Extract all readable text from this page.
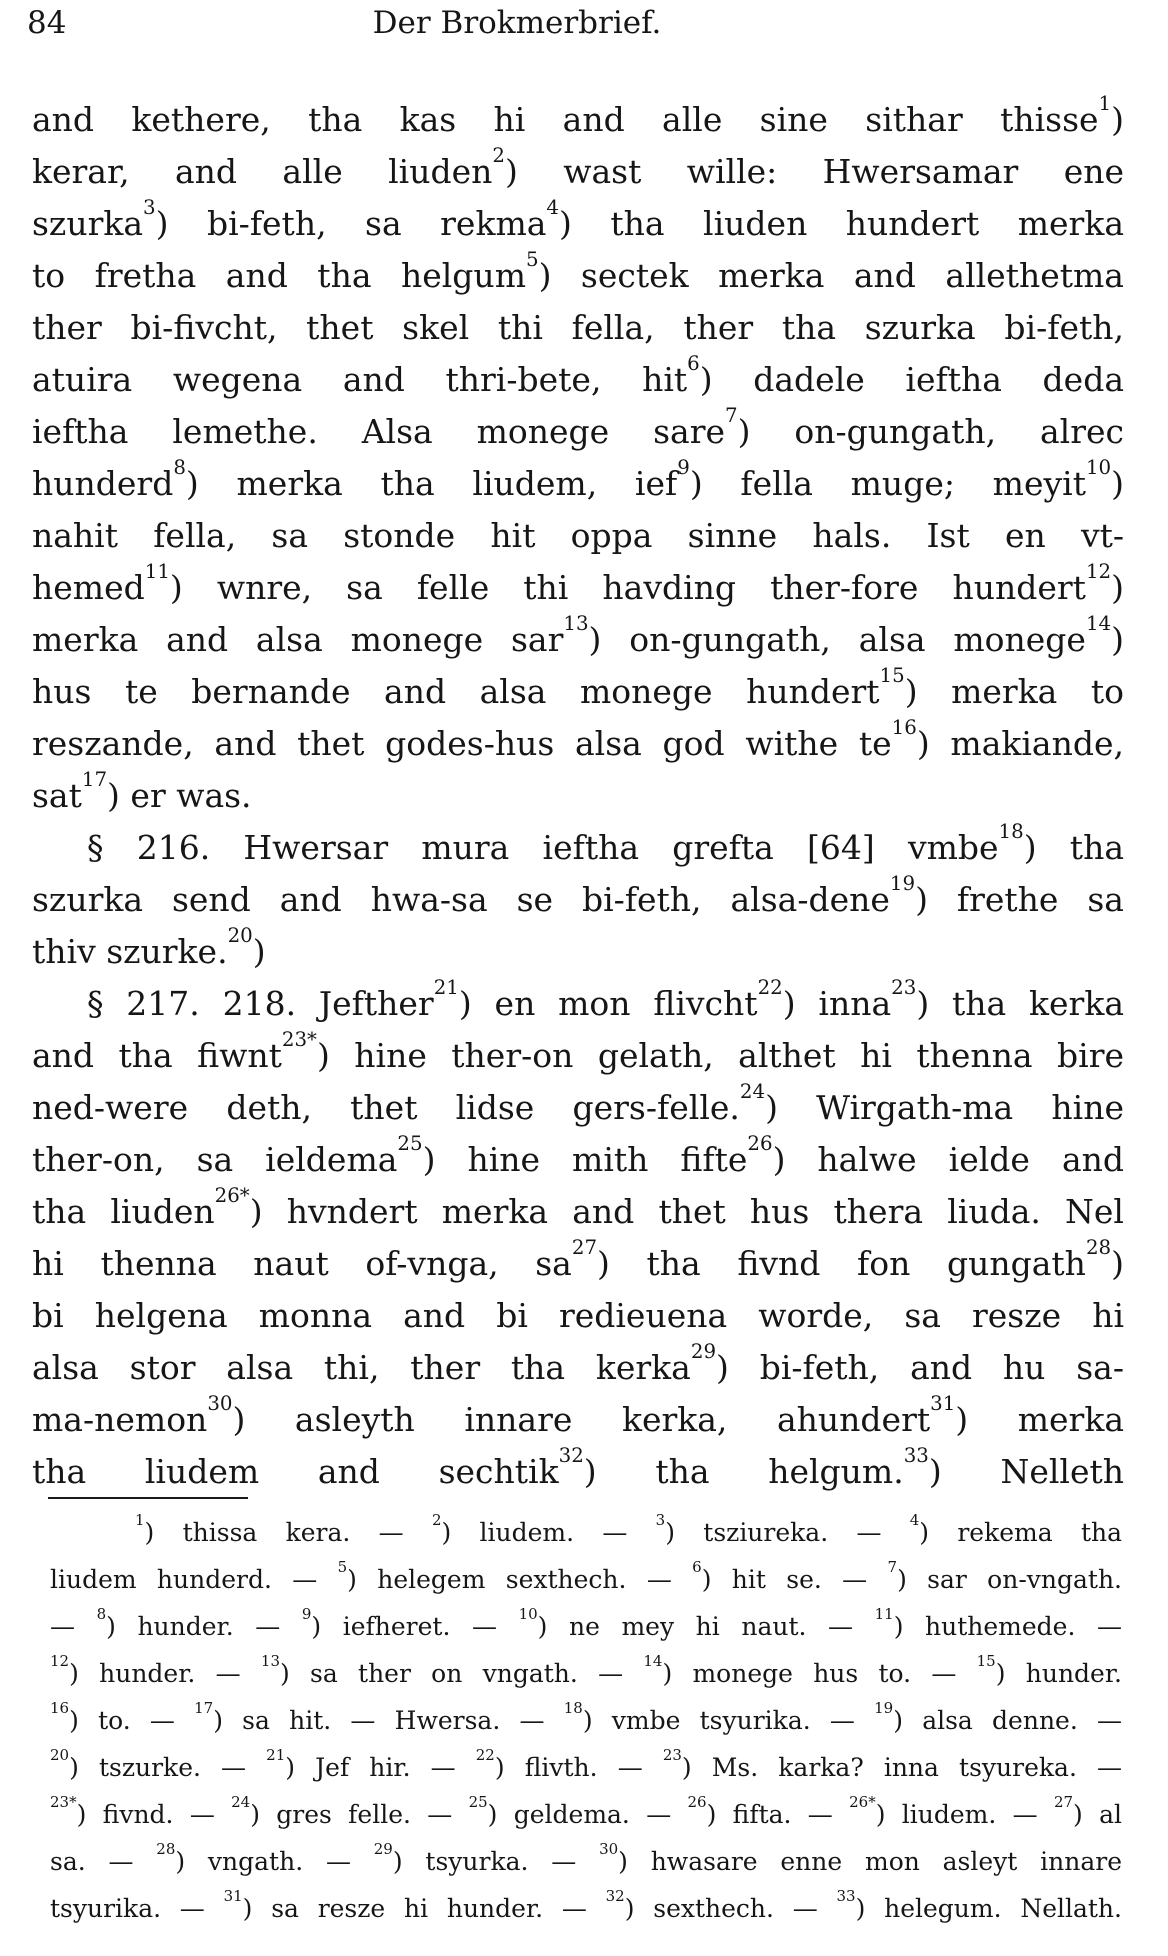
84	Der Brokmerbrief.
and kethere, tha kas hi and alle sine sithar thisse$^1$)
kerar, and alle liuden$^2$) wast wille: Hwersamar ene
szurka$^3$) bi-feth, sa rekma$^4$) tha liuden hundert merka
to fretha and tha helgum$^5$) sectek merka and allethetma
ther bi-fivcht, thet skel thi fella, ther tha szurka bi-feth,
atuira wegena and thri-bete, hit$^6$) dadele ieftha deda
ieftha lemethe. Alsa monege sare$^7$) on-gungath, alrec
hunderd$^8$) merka tha liudem, ief$^9$) fella muge; meyit$^{10}$)
nahit fella, sa stonde hit oppa sinne hals. Ist en vt-
hemed$^{11}$) wnre, sa felle thi havding ther-fore hundert$^{12}$)
merka and alsa monege sar$^{13}$) on-gungath, alsa monege$^{14}$)
hus te bernande and alsa monege hundert$^{15}$) merka to
reszande, and thet godes-hus alsa god withe $te^{16}$) makiande,
sat$^{17}$) er was.
§ 216. Hwersar mura ieftha grefta [64] vmbe$^{18}$) tha
szurka send and hwa-sa se bi-feth, alsa-dene$^{19}$) frethe sa
thiv szurke.$^{20}$)
§ 217. 218. Jefther$^{21}$) en mon flivcht$^{22}$) inna$^{23}$) tha kerka
and tha fiwnt$^{23*}$) hine ther-on gelath, althet hi thenna bire
ned-were deth, thet lidse gers-felle.$^{24}$) Wirgath-ma hine
ther-on, sa ieldema$^{25}$) hine mith fifte$^{26}$) halwe ielde and
tha liuden$^{26*}$) hvndert merka and thet hus thera liuda. Nel
hi thenna naut of-vnga, $sa^{27}$) tha fivnd fon gungath$^{28}$)
bi helgena monna and bi redieuena worde, sa resze hi
alsa stor alsa thi, ther tha kerka$^{29}$) bi-feth, and hu sa-
ma-nemon$^{30}$) asleyth innare kerka, ahundert$^{31}$) merka
tha liudem and sechtik$^{32}$) tha helgum.$^{33}$) Nelleth
$^1$) thissa kera. — $^2$) liudem. — $^3$) tsziureka. — $^4$) rekema tha
liudem hunderd. — $^5$) helegem sexthech. — $^6$) hit se. — $^7$) sar on-vngath.
— $^8$) hunder. — $^9$) iefheret. — $^{10}$) ne mey hi naut. — $^{11}$) huthemede. —
$^{12}$) hunder. — $^{13}$) sa ther on vngath. — $^{14}$) monege hus to. — $^{15}$) hunder.
$^{16}$) to. — $^{17}$) sa hit. — Hwersa. — $^{18}$) vmbe tsyurika. — $^{19}$) alsa denne. —
$^{20}$) tszurke. — $^{21}$) Jef hir. — $^{22}$) flivth. — $^{23}$) Ms. karka? inna tsyureka. —
$^{23*}$) fivnd. — $^{24}$) gres felle. — $^{25}$) geldema. — $^{26}$) fifta. — $^{26*}$) liudem. — $^{27}$) al
sa. — $^{28}$) vngath. — $^{29}$) tsyurka. — $^{30}$) hwasare enne mon asleyt innare
tsyurika. — $^{31}$) sa resze hi hunder. — $^{32}$) sexthech. — $^{33}$) helegum. Nellath.
